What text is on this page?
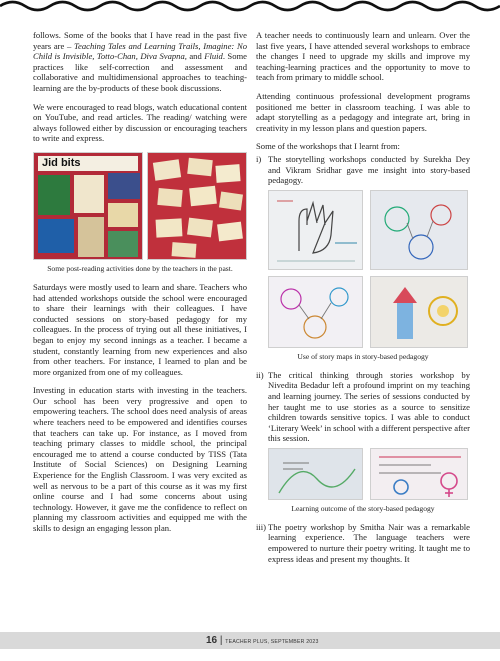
follows. Some of the books that I have read in the past five years are – Teaching Tales and Learning Trails, Imagine: No Child is Invisible, Totto-Chan, Diva Svapna, and Fluid. Some practices like self-correction and assessment and collaborative and multidimensional approaches to teaching-learning are the by-products of these book discussions.

We were encouraged to read blogs, watch educational content on YouTube, and read articles. The reading/ watching were always followed either by discussion or encouraging teachers to write and express.

Jid bits
Some post-reading activities done by the teachers in the past.

Saturdays were mostly used to learn and share. Teachers who had attended workshops outside the school were encouraged to share their learnings with their colleagues. I have conducted sessions on story-based pedagogy for my colleagues. In the process of trying out all these initiatives, I began to enjoy my second innings as a teacher. I became a student, constantly learning from new experiences and also from other teachers. For instance, I learned to plan and be more organized from one of my colleagues.

Investing in education starts with investing in the teachers. Our school has been very progressive and open to empowering teachers. The school does need analysis of areas where teachers need to be empowered and identifies courses that teachers can take up. For instance, as I moved from teaching primary classes to middle school, the principal encouraged me to attend a course conducted by TISS (Tata Institute of Social Sciences) on Designing Learning Experience for the English Classroom. I was very excited as well as nervous to be a part of this course as it was my first online course and I had some concerns about using technology. However, it gave me the confidence to reflect on planning my classroom activities and equipped me with the skills to design an engaging lesson plan.

A teacher needs to continuously learn and unlearn. Over the last five years, I have attended several workshops to embrace the changes I need to upgrade my skills and improve my teaching-learning practices and the opportunity to move to teach from primary to middle school.

Attending continuous professional development programs positioned me better in classroom teaching. I was able to adapt storytelling as a pedagogy and integrate art, bring in creativity in my lesson plans and question papers.

Some of the workshops that I learnt from:

i) The storytelling workshops conducted by Surekha Dey and Vikram Sridhar gave me insight into story-based pedagogy.
Use of story maps in story-based pedagogy
ii) The critical thinking through stories workshop by Nivedita Bedadur left a profound imprint on my teaching and learning journey. The series of sessions conducted by her taught me to use stories as a source to sensitize children towards sensitive topics. I was able to conduct ‘Literary Week’ in school with a different perspective after this session.
Learning outcome of the story-based pedagogy
iii) The poetry workshop by Smitha Nair was a remarkable learning experience. The language teachers were empowered to nurture their poetry writing. It taught me to express ideas and present my thoughts. It
16 | TEACHER PLUS, SEPTEMBER 2023
